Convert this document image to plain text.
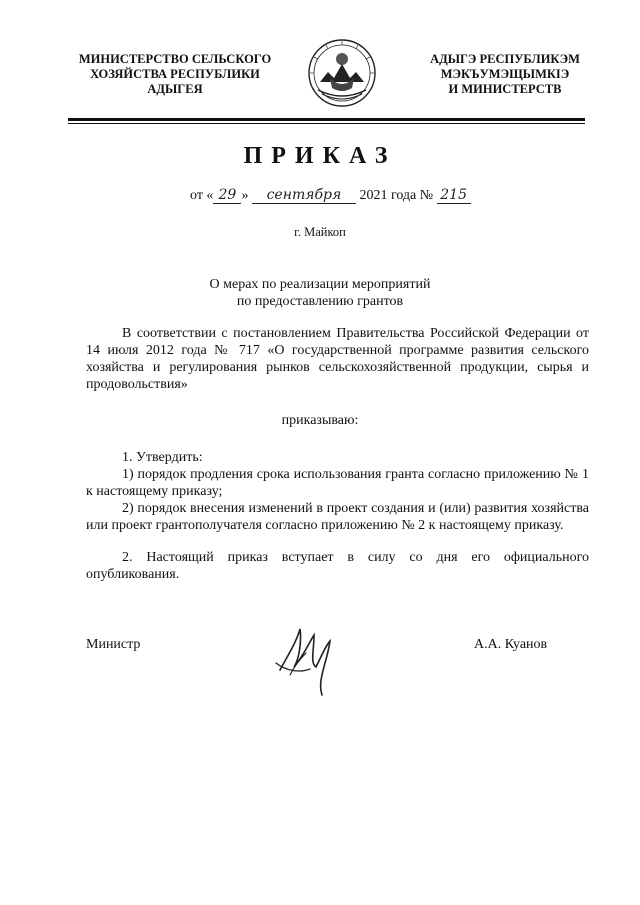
МИНИСТЕРСТВО СЕЛЬСКОГО
ХОЗЯЙСТВА РЕСПУБЛИКИ
АДЫГЕЯ
АДЫГЭ РЕСПУБЛИКЭМ
МЭКЪУМЭЩЫМКIЭ
И МИНИСТЕРСТВ
ПРИКАЗ
от « 29 » сентября 2021 года № 215
г. Майкоп
О мерах по реализации мероприятий
по предоставлению грантов
В соответствии с постановлением Правительства Российской Федерации от 14 июля 2012 года № 717 «О государственной программе развития сельского хозяйства и регулирования рынков сельскохозяйственной продукции, сырья и продовольствия»
приказываю:
1. Утвердить:
1) порядок продления срока использования гранта согласно приложению № 1 к настоящему приказу;
2) порядок внесения изменений в проект создания и (или) развития хозяйства или проект грантополучателя согласно приложению № 2 к настоящему приказу.
2. Настоящий приказ вступает в силу со дня его официального опубликования.
Министр	А.А. Куанов
